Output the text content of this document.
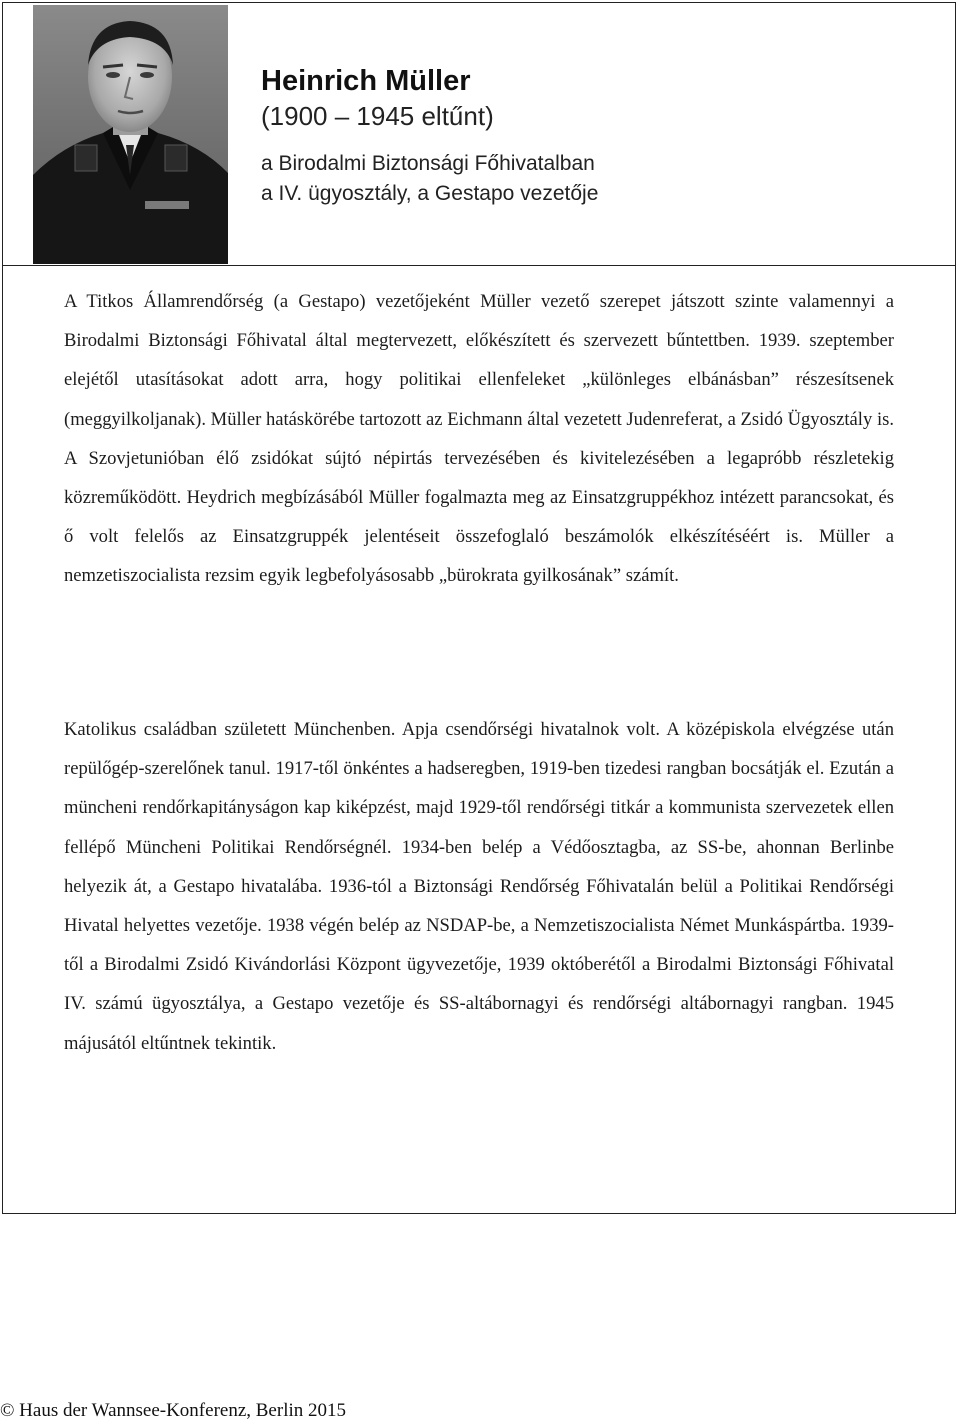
Heinrich Müller

(1900 – 1945 eltűnt)

a Birodalmi Biztonsági Főhivatalban
a IV. ügyosztály, a Gestapo vezetője

A Titkos Államrendőrség (a Gestapo) vezetőjeként Müller vezető szerepet játszott szinte valamennyi a Birodalmi Biztonsági Főhivatal által megtervezett, előkészített és szervezett bűntettben. 1939. szeptember elejétől utasításokat adott arra, hogy politikai ellenfeleket „különleges elbánásban” részesítsenek (meggyilkoljanak). Müller hatáskörébe tartozott az Eichmann által vezetett Judenreferat, a Zsidó Ügyosztály is. A Szovjetunióban élő zsidókat sújtó népirtás tervezésében és kivitelezésében a legapróbb részletekig közreműködött. Heydrich megbízásából Müller fogalmazta meg az Einsatzgruppékhoz intézett parancsokat, és ő volt felelős az Einsatzgruppék jelentéseit összefoglaló beszámolók elkészítéséért is. Müller a nemzetiszocialista rezsim egyik legbefolyásosabb „bürokrata gyilkosának” számít.

Katolikus családban született Münchenben. Apja csendőrségi hivatalnok volt. A középiskola elvégzése után repülőgép-szerelőnek tanul. 1917-től önkéntes a hadseregben, 1919-ben tizedesi rangban bocsátják el. Ezután a müncheni rendőrkapitányságon kap kiképzést, majd 1929-től rendőrségi titkár a kommunista szervezetek ellen fellépő Müncheni Politikai Rendőrségnél. 1934-ben belép a Védőosztagba, az SS-be, ahonnan Berlinbe helyezik át, a Gestapo hivatalába. 1936-tól a Biztonsági Rendőrség Főhivatalán belül a Politikai Rendőrségi Hivatal helyettes vezetője. 1938 végén belép az NSDAP-be, a Nemzetiszocialista Német Munkáspártba. 1939-től a Birodalmi Zsidó Kivándorlási Központ ügyvezetője, 1939 októberétől a Birodalmi Biztonsági Főhivatal IV. számú ügyosztálya, a Gestapo vezetője és SS-altábornagyi és rendőrségi altábornagyi rangban. 1945 májusától eltűntnek tekintik.

© Haus der Wannsee-Konferenz, Berlin 2015
